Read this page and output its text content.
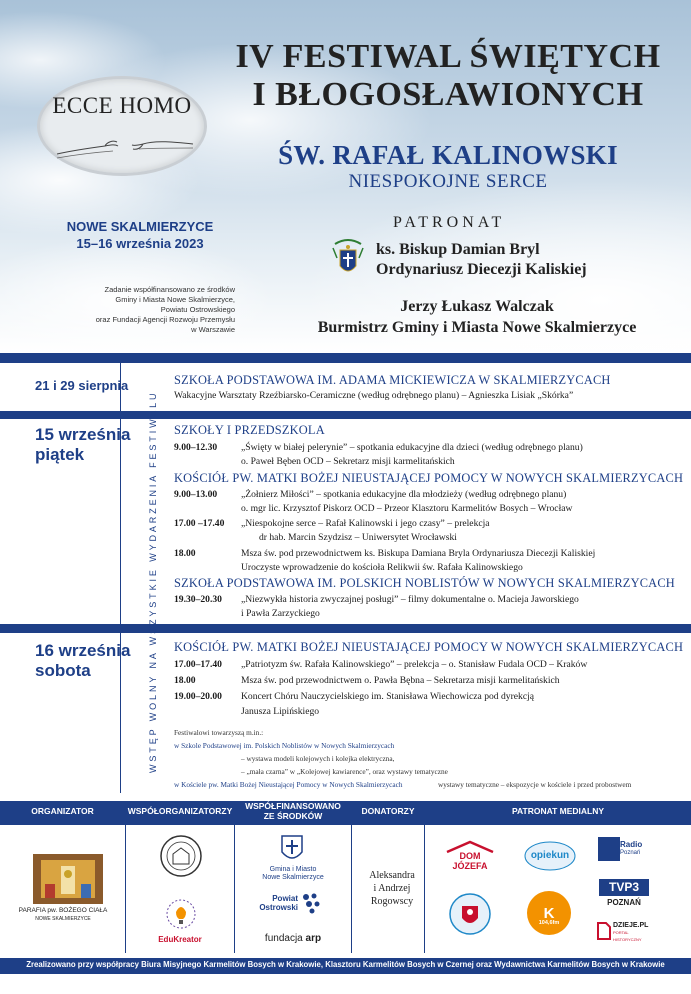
ECCE HOMO
IV FESTIWAL ŚWIĘTYCH
I BŁOGOSŁAWIONYCH
ŚW. RAFAŁ KALINOWSKI
NIESPOKOJNE SERCE
NOWE SKALMIERZYCE
15–16 września 2023
Zadanie współfinansowano ze środków
Gminy i Miasta Nowe Skalmierzyce,
Powiatu Ostrowskiego
oraz Fundacji Agencji Rozwoju Przemysłu
w Warszawie
PATRONAT
ks. Biskup Damian Bryl
Ordynariusz Diecezji Kaliskiej
Jerzy Łukasz Walczak
Burmistrz Gminy i Miasta Nowe Skalmierzyce
WSTĘP WOLNY NA WSZYSTKIE WYDARZENIA FESTIWALU
21 i 29 sierpnia	SZKOŁA PODSTAWOWA IM. ADAMA MICKIEWICZA W SKALMIERZYCACH
Wakacyjne Warsztaty Rzeźbiarsko-Ceramiczne (według odrębnego planu) – Agnieszka Lisiak „Skórka”
15 września
piątek
SZKOŁY I PRZEDSZKOLA
9.00–12.30 „Święty w białej pelerynie” – spotkania edukacyjne dla dzieci (według odrębnego planu)
o. Paweł Bęben OCD – Sekretarz misji karmelitańskich
KOŚCIÓŁ PW. MATKI BOŻEJ NIEUSTAJĄCEJ POMOCY W NOWYCH SKALMIERZYCACH
9.00–13.00 „Żołnierz Miłości” – spotkania edukacyjne dla młodzieży (według odrębnego planu)
o. mgr lic. Krzysztof Piskorz OCD – Przeor Klasztoru Karmelitów Bosych – Wrocław
17.00 –17.40 „Niespokojne serce – Rafał Kalinowski i jego czasy” – prelekcja
dr hab. Marcin Szydzisz – Uniwersytet Wrocławski
18.00	Msza św. pod przewodnictwem ks. Biskupa Damiana Bryla Ordynariusza Diecezji Kaliskiej
Uroczyste wprowadzenie do kościoła Relikwii św. Rafała Kalinowskiego
SZKOŁA PODSTAWOWA IM. POLSKICH NOBLISTÓW W NOWYCH SKALMIERZYCACH
19.30–20.30 „Niezwykła historia zwyczajnej posługi” – filmy dokumentalne o. Macieja Jaworskiego
i Pawła Zarzyckiego
16 września
sobota
KOŚCIÓŁ PW. MATKI BOŻEJ NIEUSTAJĄCEJ POMOCY W NOWYCH SKALMIERZYCACH
17.00–17.40 „Patriotyzm św. Rafała Kalinowskiego” – prelekcja – o. Stanisław Fudala OCD – Kraków
18.00	Msza św. pod przewodnictwem o. Pawła Bębna – Sekretarza misji karmelitańskich
19.00–20.00 Koncert Chóru Nauczycielskiego im. Stanisława Wiechowicza pod dyrekcją
Janusza Lipińskiego
Festiwalowi towarzyszą m.in.:
w Szkole Podstawowej im. Polskich Noblistów w Nowych Skalmierzycach
– wystawa modeli kolejowych i kolejka elektryczna,
– „mała czarna” w „Kolejowej kawiarence”, oraz wystawy tematyczne
w Kościele pw. Matki Bożej Nieustającej Pomocy w Nowych Skalmierzycach	wystawy tematyczne – ekspozycje w kościele i przed probostwem
ORGANIZATOR	WSPÓŁORGANIZATORZY	WSPÓŁFINANSOWANO
ZE ŚRODKÓW	DONATORZY	PATRONAT MEDIALNY
PARAFIA pw. BOŻEGO CIAŁA
NOWE SKALMIERZYCE
EduKreator
Gmina i Miasto
Nowe Skalmierzyce
Powiat
Ostrowski
fundacja arp
Aleksandra
i Andrzej
Rogowscy
DOM
JÓZEFA
opiekun
Radio
Poznań
TVP3
POZNAŃ
K
104,6fm	DZIEJE.PL
PORTAL HISTORYCZNY
Zrealizowano przy współpracy Biura Misyjnego Karmelitów Bosych w Krakowie, Klasztoru Karmelitów Bosych w Czernej oraz Wydawnictwa Karmelitów Bosych w Krakowie
